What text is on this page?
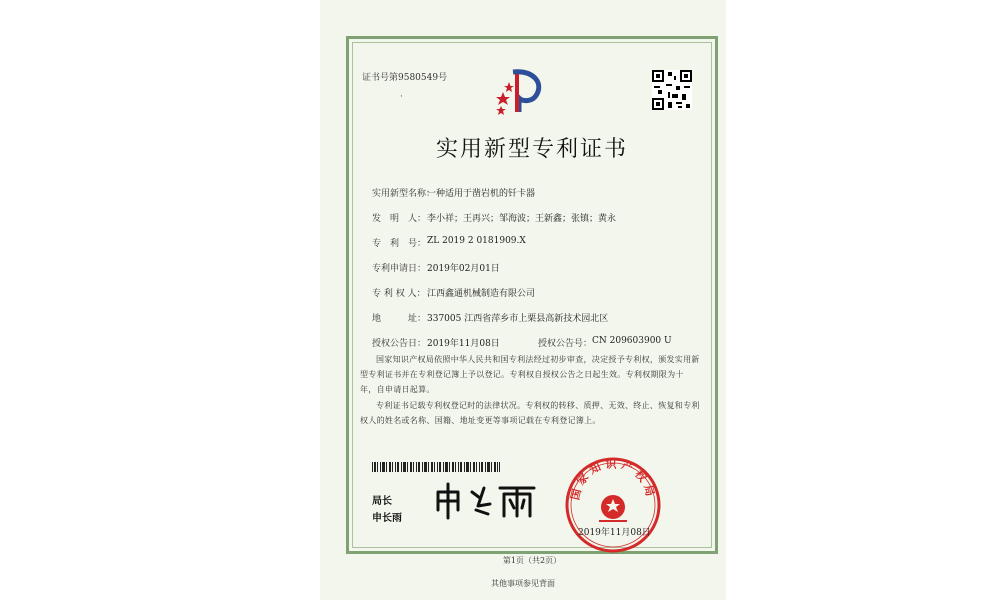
证书号第9580549号
·
实用新型专利证书
实用新型名称：
一种适用于凿岩机的钎卡器
发　明　人： 李小祥；王再兴；邹海波；王新鑫；张镇；黄永
专　利　号： ZL 2019 2 0181909.X
专利申请日： 2019年02月01日
专 利 权 人： 江西鑫通机械制造有限公司
地　　　址： 337005 江西省萍乡市上栗县高新技术园北区
授权公告日： 2019年11月08日	授权公告号： CN 209603900 U
国家知识产权局依照中华人民共和国专利法经过初步审查，决定授予专利权，颁发实用新型专利证书并在专利登记簿上予以登记。专利权自授权公告之日起生效。专利权期限为十年，自申请日起算。
专利证书记载专利权登记时的法律状况。专利权的转移、质押、无效、终止、恢复和专利权人的姓名或名称、国籍、地址变更等事项记载在专利登记簿上。
局长
申长雨
国家知识产权局
2019年11月08日
第1页（共2页）
其他事项参见背面
